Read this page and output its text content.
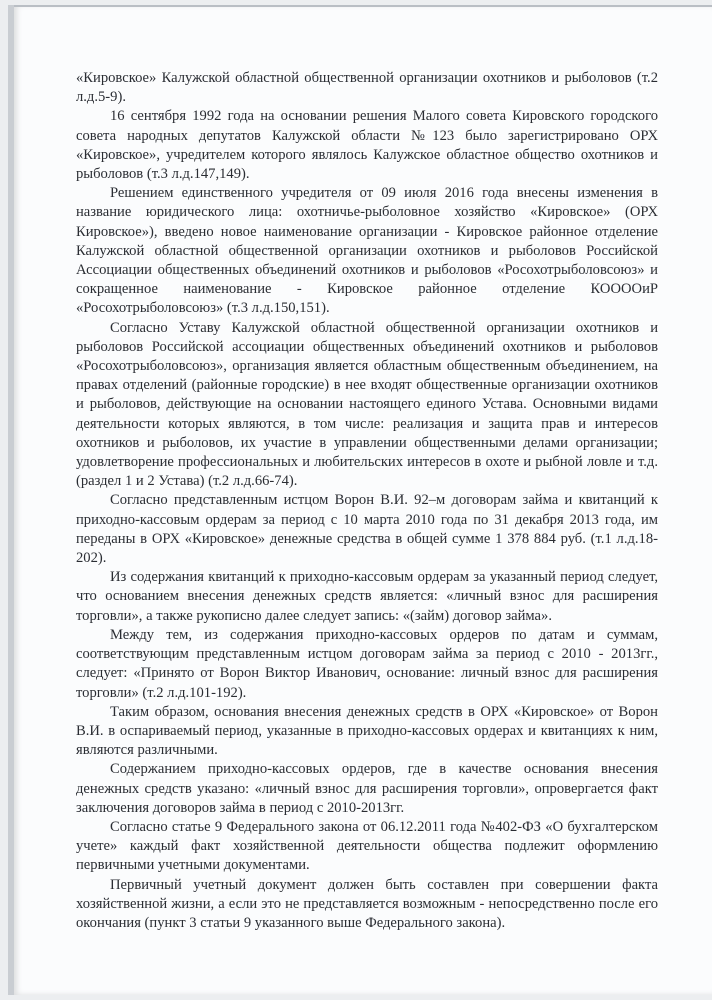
«Кировское» Калужской областной общественной организации охотников и рыболовов (т.2 л.д.5-9).

16 сентября 1992 года на основании решения Малого совета Кировского городского совета народных депутатов Калужской области №123 было зарегистрировано ОРХ «Кировское», учредителем которого являлось Калужское областное общество охотников и рыболовов (т.3 л.д.147,149).

Решением единственного учредителя от 09 июля 2016 года внесены изменения в название юридического лица: охотничье-рыболовное хозяйство «Кировское» (ОРХ Кировское»), введено новое наименование организации - Кировское районное отделение Калужской областной общественной организации охотников и рыболовов Российской Ассоциации общественных объединений охотников и рыболовов «Росохотрыболовсоюз» и сокращенное наименование - Кировское районное отделение КОООOиР «Росохотрыболовсоюз» (т.3 л.д.150,151).

Согласно Уставу Калужской областной общественной организации охотников и рыболовов Российской ассоциации общественных объединений охотников и рыболовов «Росохотрыболовсоюз», организация является областным общественным объединением, на правах отделений (районные городские) в нее входят общественные организации охотников и рыболовов, действующие на основании настоящего единого Устава. Основными видами деятельности которых являются, в том числе: реализация и защита прав и интересов охотников и рыболовов, их участие в управлении общественными делами организации; удовлетворение профессиональных и любительских интересов в охоте и рыбной ловле и т.д. (раздел 1 и 2 Устава) (т.2 л.д.66-74).

Согласно представленным истцом Ворон В.И. 92–м договорам займа и квитанций к приходно-кассовым ордерам за период с 10 марта 2010 года по 31 декабря 2013 года, им переданы в ОРХ «Кировское» денежные средства в общей сумме 1 378 884 руб. (т.1 л.д.18-202).

Из содержания квитанций к приходно-кассовым ордерам за указанный период следует, что основанием внесения денежных средств является: «личный взнос для расширения торговли», а также рукописно далее следует запись: «(займ) договор займа».

Между тем, из содержания приходно-кассовых ордеров по датам и суммам, соответствующим представленным истцом договорам займа за период с 2010 - 2013гг., следует: «Принято от Ворон Виктор Иванович, основание: личный взнос для расширения торговли» (т.2 л.д.101-192).

Таким образом, основания внесения денежных средств в ОРХ «Кировское» от Ворон В.И. в оспариваемый период, указанные в приходно-кассовых ордерах и квитанциях к ним, являются различными.

Содержанием приходно-кассовых ордеров, где в качестве основания внесения денежных средств указано: «личный взнос для расширения торговли», опровергается факт заключения договоров займа в период с 2010-2013гг.

Согласно статье 9 Федерального закона от 06.12.2011 года №402-ФЗ «О бухгалтерском учете» каждый факт хозяйственной деятельности общества подлежит оформлению первичными учетными документами.

Первичный учетный документ должен быть составлен при совершении факта хозяйственной жизни, а если это не представляется возможным - непосредственно после его окончания (пункт 3 статьи 9 указанного выше Федерального закона).
